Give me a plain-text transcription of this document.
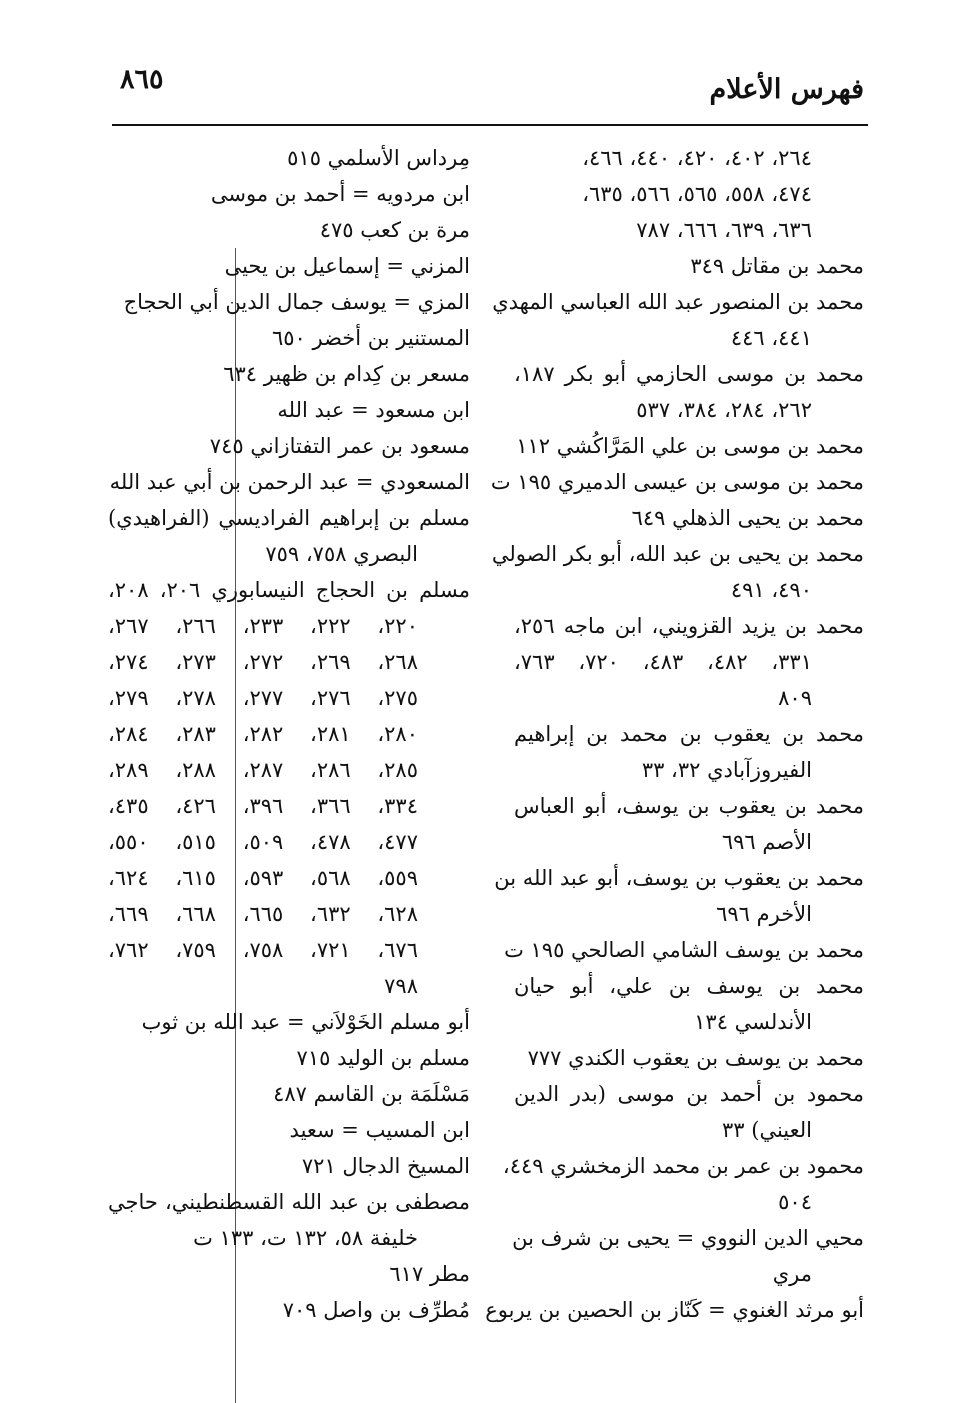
فهرس الأعلام
٨٦٥
٢٦٤، ٤٠٢، ٤٢٠، ٤٤٠، ٤٦٦،
٤٧٤، ٥٥٨، ٥٦٥، ٥٦٦، ٦٣٥،
٦٣٦، ٦٣٩، ٦٦٦، ٧٨٧
محمد بن مقاتل ٣٤٩
محمد بن المنصور عبد الله العباسي المهدي
٤٤١، ٤٤٦
محمد بن موسى الحازمي أبو بكر ١٨٧،
٢٦٢، ٢٨٤، ٣٨٤، ٥٣٧
محمد بن موسى بن علي المَرَّاكُشي ١١٢
محمد بن موسى بن عيسى الدميري ١٩٥ ت
محمد بن يحيى الذهلي ٦٤٩
محمد بن يحيى بن عبد الله، أبو بكر الصولي
٤٩٠، ٤٩١
محمد بن يزيد القزويني، ابن ماجه ٢٥٦،
٣٣١، ٤٨٢، ٤٨٣، ٧٢٠، ٧٦٣،
٨٠٩
محمد بن يعقوب بن محمد بن إبراهيم
الفيروزآبادي ٣٢، ٣٣
محمد بن يعقوب بن يوسف، أبو العباس
الأصم ٦٩٦
محمد بن يعقوب بن يوسف، أبو عبد الله بن
الأخرم ٦٩٦
محمد بن يوسف الشامي الصالحي ١٩٥ ت
محمد بن يوسف بن علي، أبو حيان
الأندلسي ١٣٤
محمد بن يوسف بن يعقوب الكندي ٧٧٧
محمود بن أحمد بن موسى (بدر الدين
العيني) ٣٣
محمود بن عمر بن محمد الزمخشري ٤٤٩،
٥٠٤
محيي الدين النووي = يحيى بن شرف بن
مري
أبو مرثد الغنوي = كَنّاز بن الحصين بن يربوع
مِرداس الأسلمي ٥١٥
ابن مردويه = أحمد بن موسى
مرة بن كعب ٤٧٥
المزني = إسماعيل بن يحيى
المزي = يوسف جمال الدين أبي الحجاج
المستنير بن أخضر ٦٥٠
مسعر بن كِدام بن ظهير ٦٣٤
ابن مسعود = عبد الله
مسعود بن عمر التفتازاني ٧٤٥
المسعودي = عبد الرحمن بن أبي عبد الله
مسلم بن إبراهيم الفراديسي (الفراهيدي)
البصري ٧٥٨، ٧٥٩
مسلم بن الحجاج النيسابوري ٢٠٦، ٢٠٨،
٢٢٠، ٢٢٢، ٢٣٣، ٢٦٦، ٢٦٧،
٢٦٨، ٢٦٩، ٢٧٢، ٢٧٣، ٢٧٤،
٢٧٥، ٢٧٦، ٢٧٧، ٢٧٨، ٢٧٩،
٢٨٠، ٢٨١، ٢٨٢، ٢٨٣، ٢٨٤،
٢٨٥، ٢٨٦، ٢٨٧، ٢٨٨، ٢٨٩،
٣٣٤، ٣٦٦، ٣٩٦، ٤٢٦، ٤٣٥،
٤٧٧، ٤٧٨، ٥٠٩، ٥١٥، ٥٥٠،
٥٥٩، ٥٦٨، ٥٩٣، ٦١٥، ٦٢٤،
٦٢٨، ٦٣٢، ٦٦٥، ٦٦٨، ٦٦٩،
٦٧٦، ٧٢١، ٧٥٨، ٧٥٩، ٧٦٢،
٧٩٨
أبو مسلم الخَوْلاَني = عبد الله بن ثوب
مسلم بن الوليد ٧١٥
مَسْلَمَة بن القاسم ٤٨٧
ابن المسيب = سعيد
المسيخ الدجال ٧٢١
مصطفى بن عبد الله القسطنطيني، حاجي
خليفة ٥٨، ١٣٢ ت، ١٣٣ ت
مطر ٦١٧
مُطرِّف بن واصل ٧٠٩
